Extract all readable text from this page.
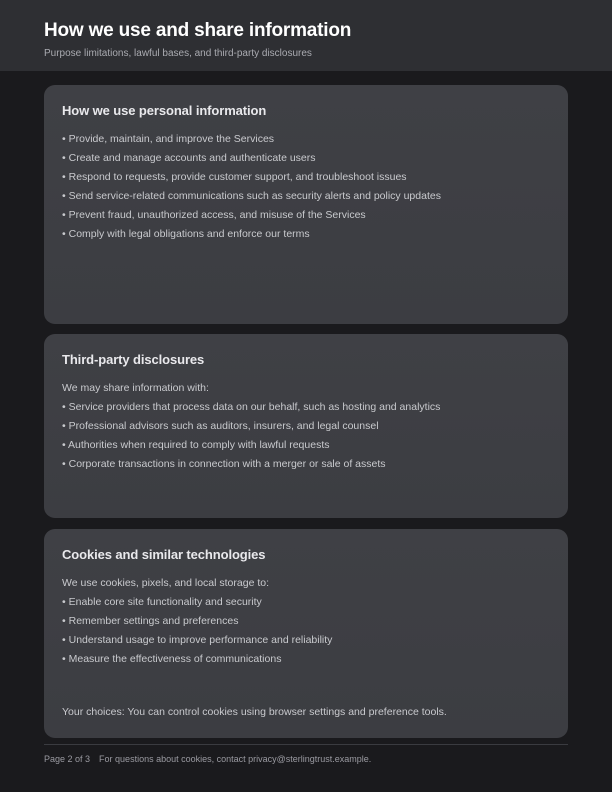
How we use and share information

Purpose limitations, lawful bases, and third-party disclosures

How we use personal information
• Provide, maintain, and improve the Services
• Create and manage accounts and authenticate users
• Respond to requests, provide customer support, and troubleshoot issues
• Send service-related communications such as security alerts and policy updates
• Prevent fraud, unauthorized access, and misuse of the Services
• Comply with legal obligations and enforce our terms
Third-party disclosures

We may share information with:

• Service providers that process data on our behalf, such as hosting and analytics
• Professional advisors such as auditors, insurers, and legal counsel
• Authorities when required to comply with lawful requests
• Corporate transactions in connection with a merger or sale of assets
Cookies and similar technologies

We use cookies, pixels, and local storage to:

• Enable core site functionality and security
• Remember settings and preferences
• Understand usage to improve performance and reliability
• Measure the effectiveness of communications

Your choices: You can control cookies using browser settings and preference tools.

Page 2 of 3 For questions about cookies, contact privacy@sterlingtrust.example.
